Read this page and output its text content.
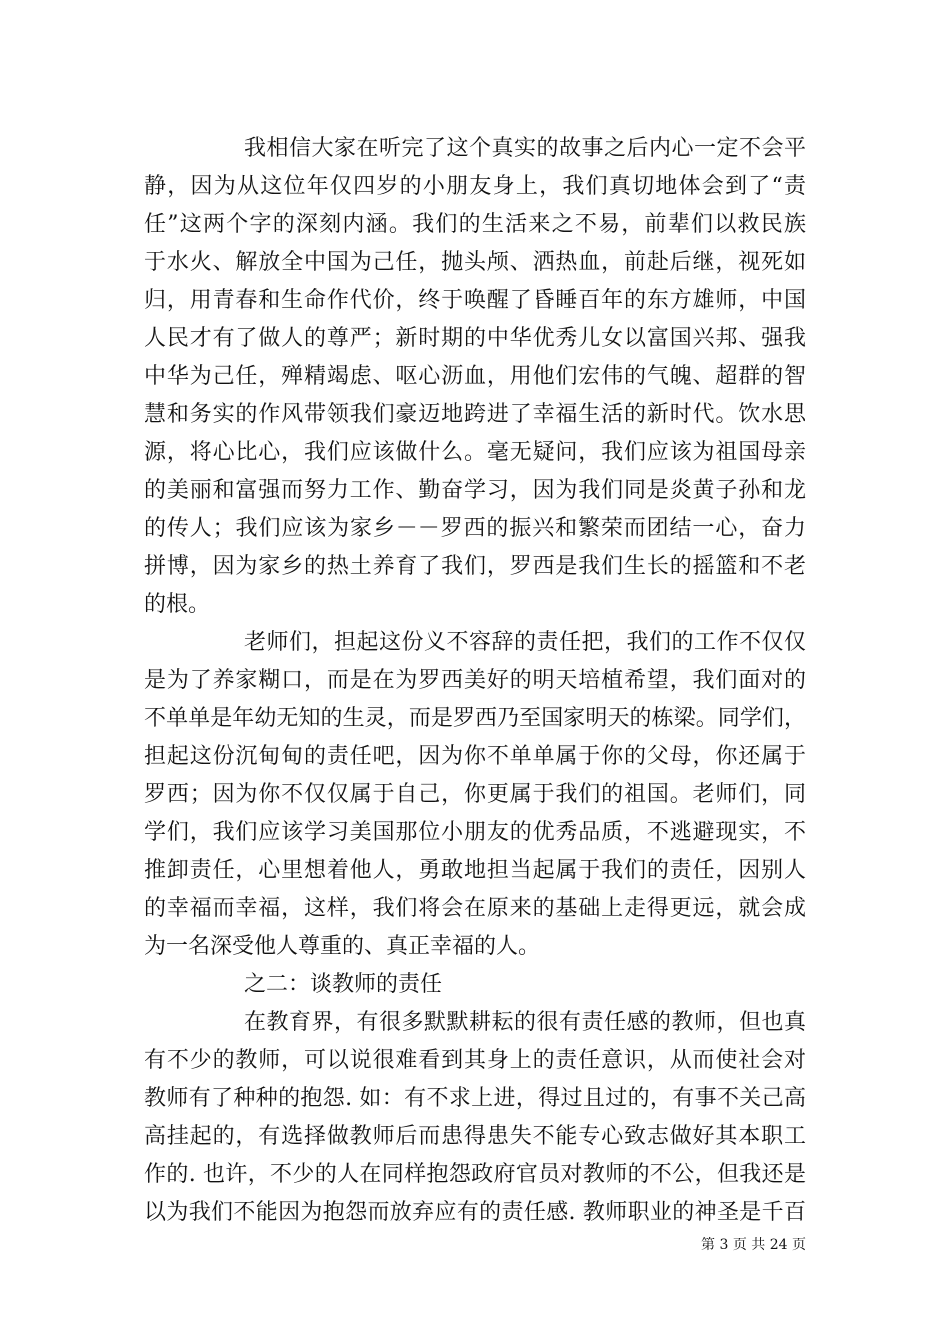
我相信大家在听完了这个真实的故事之后内心一定不会平
静，因为从这位年仅四岁的小朋友身上，我们真切地体会到了“责
任”这两个字的深刻内涵。我们的生活来之不易，前辈们以救民族
于水火、解放全中国为己任，抛头颅、洒热血，前赴后继，视死如
归，用青春和生命作代价，终于唤醒了昏睡百年的东方雄师，中国
人民才有了做人的尊严；新时期的中华优秀儿女以富国兴邦、强我
中华为己任，殚精竭虑、呕心沥血，用他们宏伟的气魄、超群的智
慧和务实的作风带领我们豪迈地跨进了幸福生活的新时代。饮水思
源，将心比心，我们应该做什么。毫无疑问，我们应该为祖国母亲
的美丽和富强而努力工作、勤奋学习，因为我们同是炎黄子孙和龙
的传人；我们应该为家乡－－罗西的振兴和繁荣而团结一心，奋力
拼博，因为家乡的热土养育了我们，罗西是我们生长的摇篮和不老
的根。
老师们，担起这份义不容辞的责任把，我们的工作不仅仅
是为了养家糊口，而是在为罗西美好的明天培植希望，我们面对的
不单单是年幼无知的生灵，而是罗西乃至国家明天的栋梁。同学们，
担起这份沉甸甸的责任吧，因为你不单单属于你的父母，你还属于
罗西；因为你不仅仅属于自己，你更属于我们的祖国。老师们，同
学们，我们应该学习美国那位小朋友的优秀品质，不逃避现实，不
推卸责任，心里想着他人，勇敢地担当起属于我们的责任，因别人
的幸福而幸福，这样，我们将会在原来的基础上走得更远，就会成
为一名深受他人尊重的、真正幸福的人。
之二：谈教师的责任
在教育界，有很多默默耕耘的很有责任感的教师，但也真
有不少的教师，可以说很难看到其身上的责任意识，从而使社会对
教师有了种种的抱怨. 如：有不求上进，得过且过的，有事不关己高
高挂起的，有选择做教师后而患得患失不能专心致志做好其本职工
作的. 也许，不少的人在同样抱怨政府官员对教师的不公，但我还是
以为我们不能因为抱怨而放弃应有的责任感. 教师职业的神圣是千百
第 3 页 共 24 页
